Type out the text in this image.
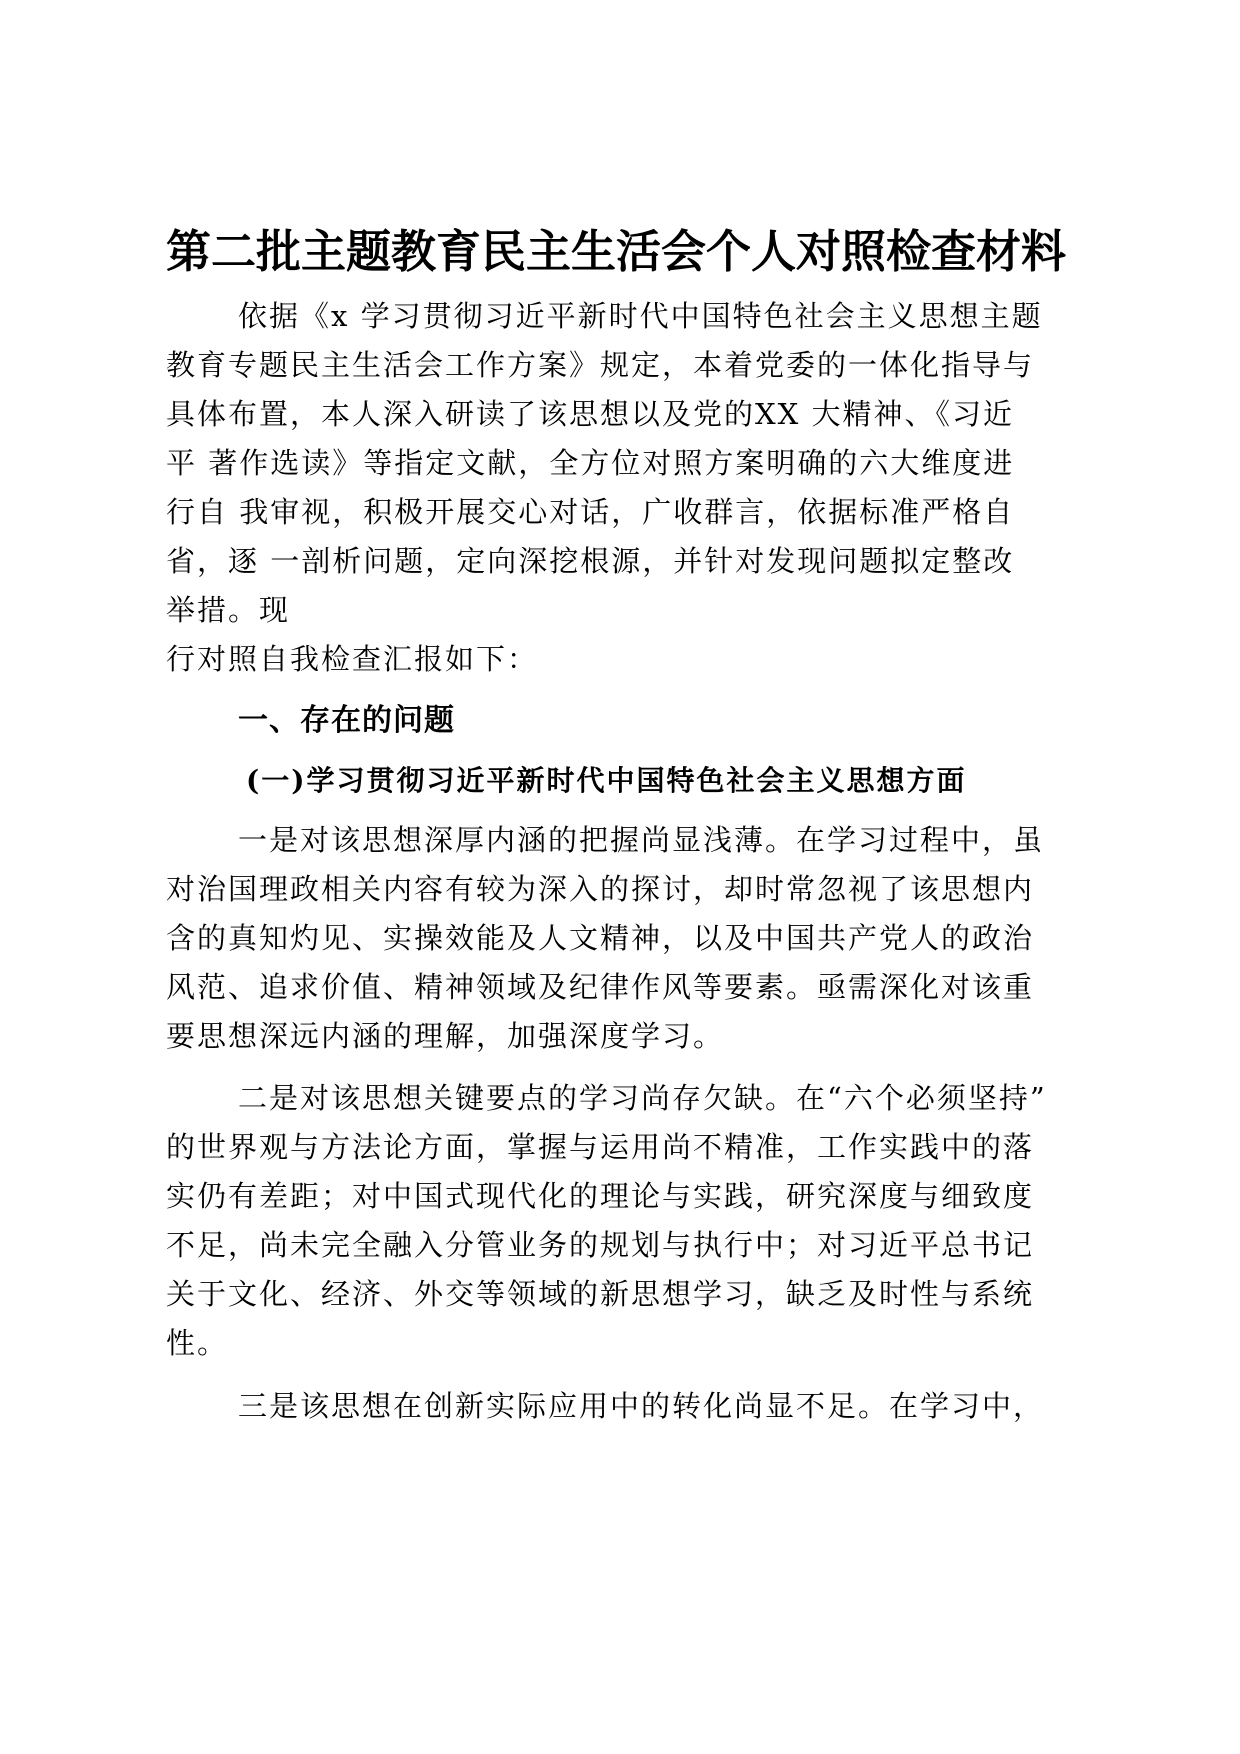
第二批主题教育民主生活会个人对照检查材料
依据《x 学习贯彻习近平新时代中国特色社会主义思想主题
教育专题民主生活会工作方案》规定，本着党委的一体化指导与
具体布置，本人深入研读了该思想以及党的XX 大精神、《习近
平 著作选读》等指定文献，全方位对照方案明确的六大维度进
行自 我审视，积极开展交心对话，广收群言，依据标准严格自
省，逐 一剖析问题，定向深挖根源，并针对发现问题拟定整改
举措。现
行对照自我检查汇报如下：
一、存在的问题
(一)学习贯彻习近平新时代中国特色社会主义思想方面
一是对该思想深厚内涵的把握尚显浅薄。在学习过程中，虽
对治国理政相关内容有较为深入的探讨，却时常忽视了该思想内
含的真知灼见、实操效能及人文精神，以及中国共产党人的政治
风范、追求价值、精神领域及纪律作风等要素。亟需深化对该重
要思想深远内涵的理解，加强深度学习。
二是对该思想关键要点的学习尚存欠缺。在“六个必须坚持”
的世界观与方法论方面，掌握与运用尚不精准，工作实践中的落
实仍有差距；对中国式现代化的理论与实践，研究深度与细致度
不足，尚未完全融入分管业务的规划与执行中；对习近平总书记
关于文化、经济、外交等领域的新思想学习，缺乏及时性与系统
性。
三是该思想在创新实际应用中的转化尚显不足。在学习中，
